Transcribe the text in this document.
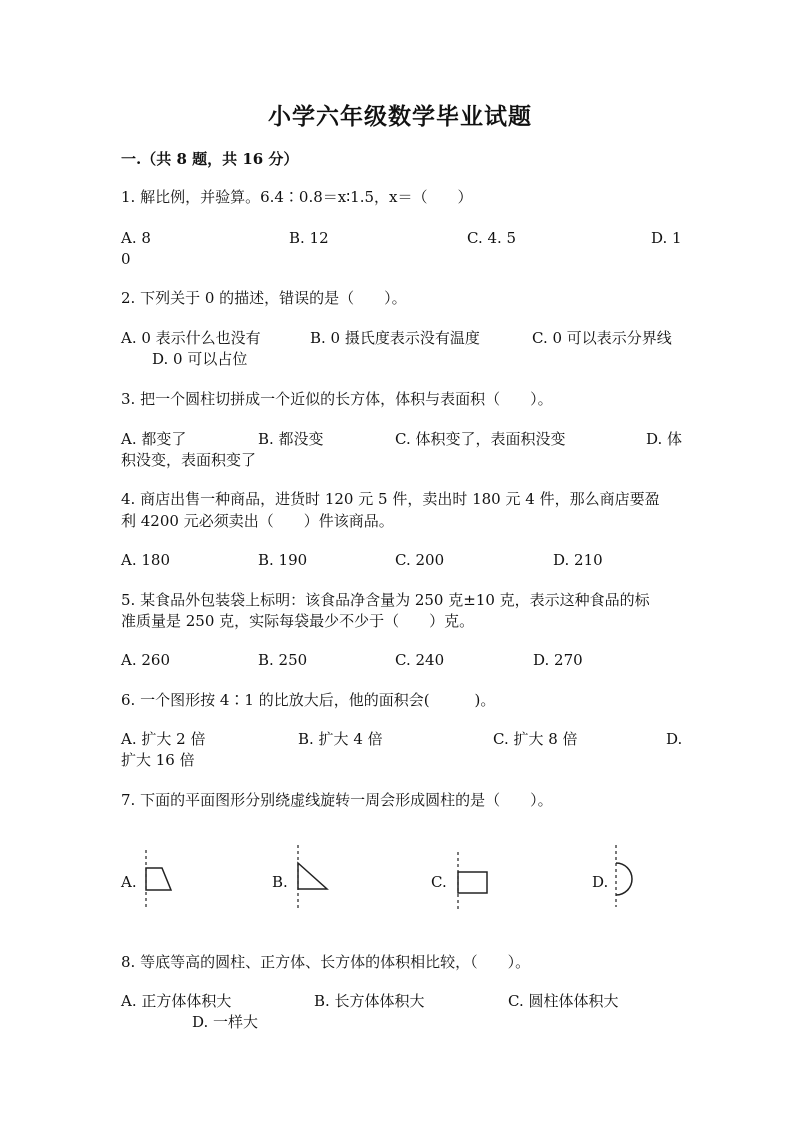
小学六年级数学毕业试题
一.（共 8 题，共 16 分）
1. 解比例，并验算。6.4∶0.8＝x∶1.5，x＝（　　）
A. 8	B. 12	C. 4. 5	D. 1
0
2. 下列关于 0 的描述，错误的是（　　）。
A. 0 表示什么也没有	B. 0 摄氏度表示没有温度	C. 0 可以表示分界线
D. 0 可以占位
3. 把一个圆柱切拼成一个近似的长方体，体积与表面积（　　）。
A. 都变了	B. 都没变	C. 体积变了，表面积没变	D. 体
积没变，表面积变了
4. 商店出售一种商品，进货时 120 元 5 件，卖出时 180 元 4 件，那么商店要盈
利 4200 元必须卖出（　　）件该商品。
A. 180	B. 190	C. 200	D. 210
5. 某食品外包装袋上标明：该食品净含量为 250 克±10 克，表示这种食品的标
准质量是 250 克，实际每袋最少不少于（　　）克。
A. 260	B. 250	C. 240	D. 270
6. 一个图形按 4∶1 的比放大后，他的面积会(　　　)。
A. 扩大 2 倍	B. 扩大 4 倍	C. 扩大 8 倍	D.
扩大 16 倍
7. 下面的平面图形分别绕虚线旋转一周会形成圆柱的是（　　）。
A.	B.	C.	D.
8. 等底等高的圆柱、正方体、长方体的体积相比较，（　　）。
A. 正方体体积大	B. 长方体体积大	C. 圆柱体体积大
D. 一样大
